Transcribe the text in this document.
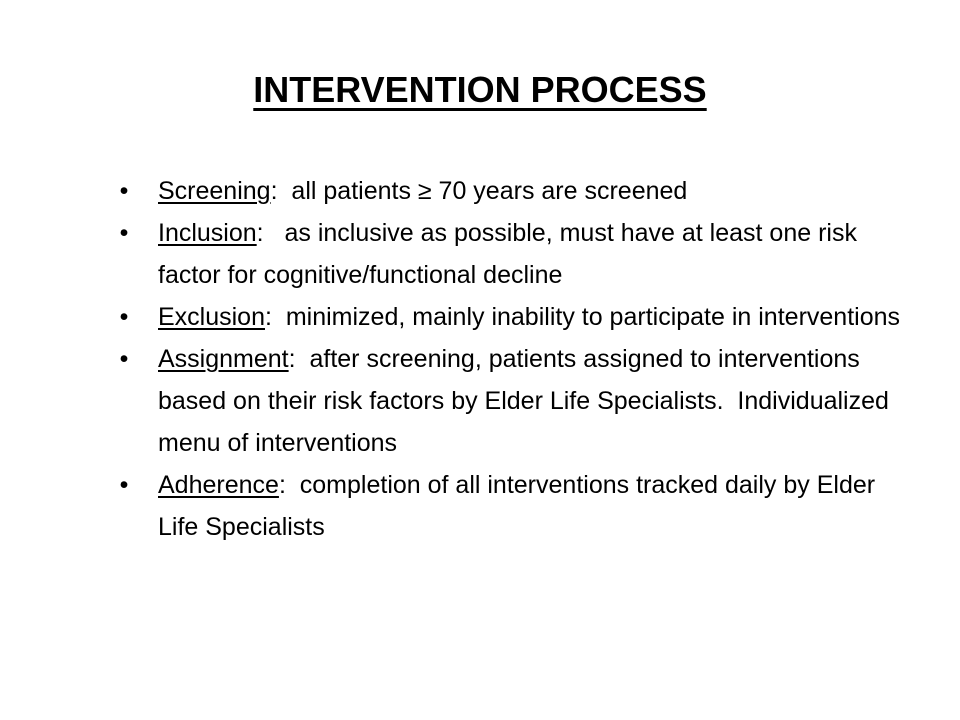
INTERVENTION PROCESS
•	Screening:  all patients ≥ 70 years are screened
•	Inclusion:   as inclusive as possible, must have at least one risk factor for cognitive/functional decline
•	Exclusion:  minimized, mainly inability to participate in interventions
•	Assignment:  after screening, patients assigned to interventions based on their risk factors by Elder Life Specialists.  Individualized menu of interventions
•	Adherence:  completion of all interventions tracked daily by Elder Life Specialists
